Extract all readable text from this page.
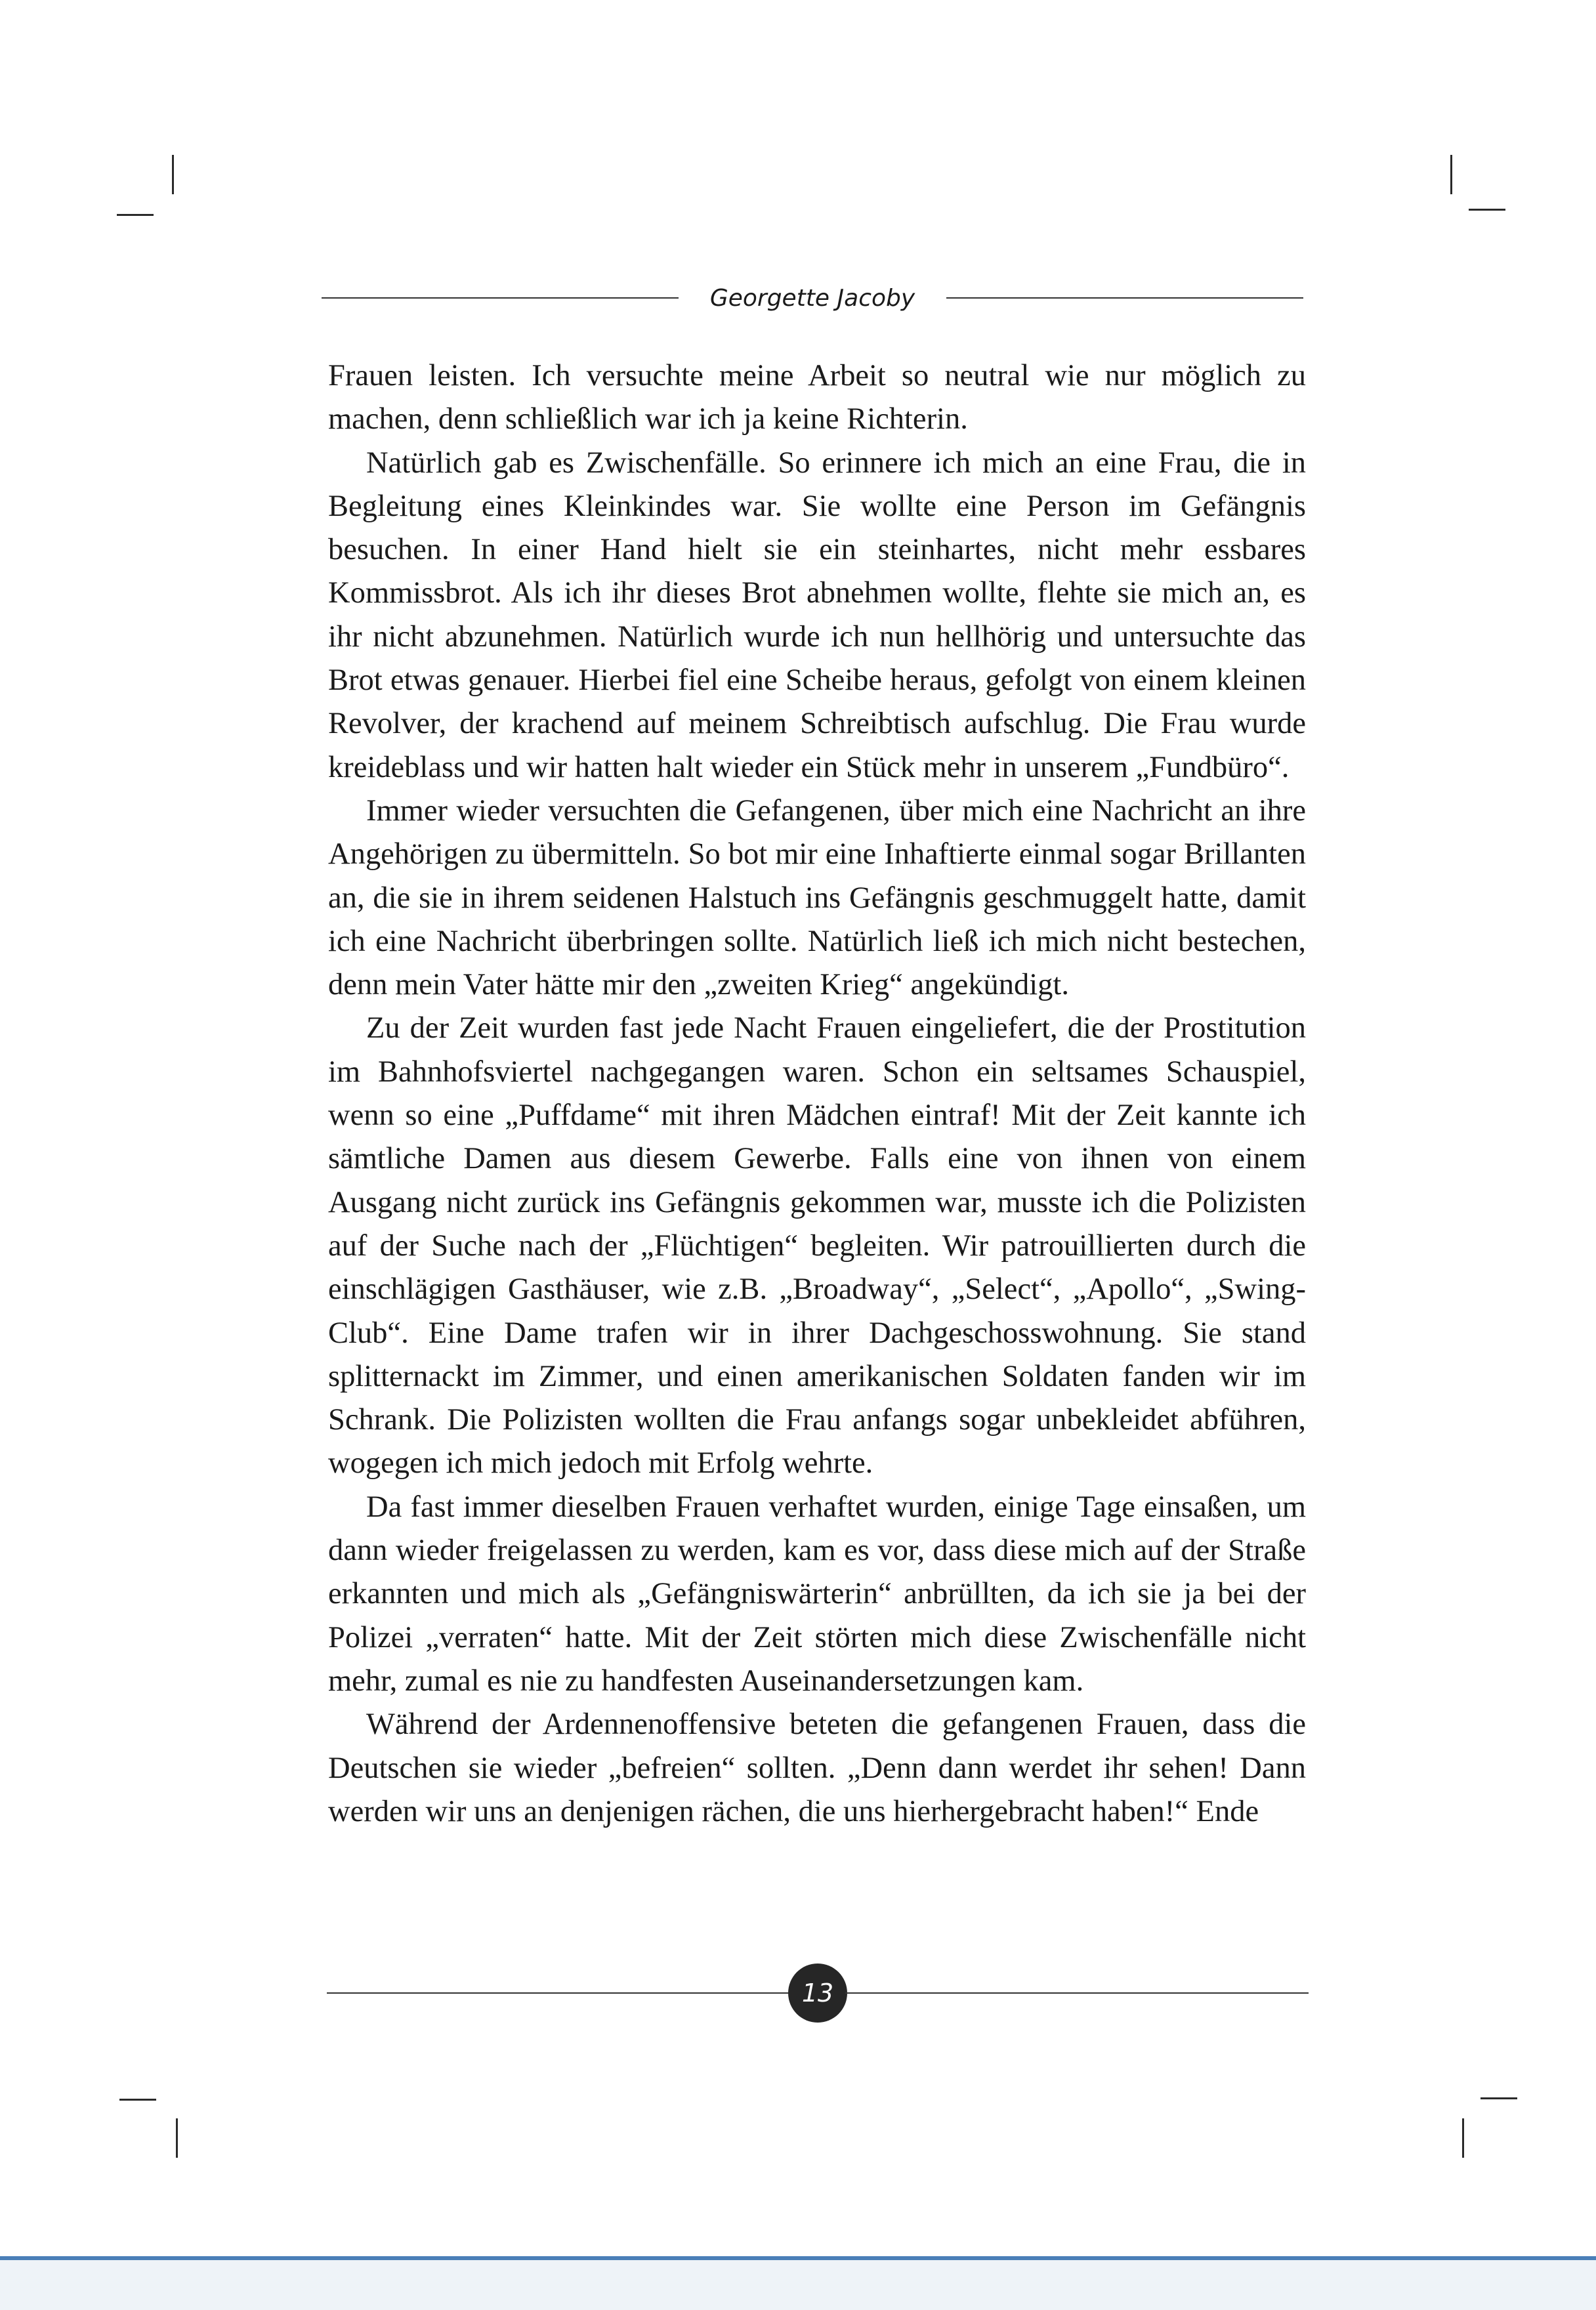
Georgette Jacoby

Frauen leisten. Ich versuchte meine Arbeit so neutral wie nur möglich zu machen, denn schließlich war ich ja keine Richterin.

Natürlich gab es Zwischenfälle. So erinnere ich mich an eine Frau, die in Begleitung eines Kleinkindes war. Sie wollte eine Person im Gefängnis besuchen. In einer Hand hielt sie ein steinhartes, nicht mehr essbares Kommissbrot. Als ich ihr dieses Brot abnehmen wollte, flehte sie mich an, es ihr nicht abzunehmen. Natürlich wurde ich nun hellhörig und untersuchte das Brot etwas genauer. Hierbei fiel eine Scheibe heraus, gefolgt von einem kleinen Revolver, der krachend auf meinem Schreibtisch aufschlug. Die Frau wurde kreideblass und wir hatten halt wieder ein Stück mehr in unserem „Fundbüro“.

Immer wieder versuchten die Gefangenen, über mich eine Nachricht an ihre Angehörigen zu übermitteln. So bot mir eine Inhaftierte einmal sogar Brillanten an, die sie in ihrem seidenen Halstuch ins Gefängnis geschmuggelt hatte, damit ich eine Nachricht überbringen sollte. Natürlich ließ ich mich nicht bestechen, denn mein Vater hätte mir den „zweiten Krieg“ angekündigt.

Zu der Zeit wurden fast jede Nacht Frauen eingeliefert, die der Prostitution im Bahnhofsviertel nachgegangen waren. Schon ein seltsames Schauspiel, wenn so eine „Puffdame“ mit ihren Mädchen eintraf! Mit der Zeit kannte ich sämtliche Damen aus diesem Gewerbe. Falls eine von ihnen von einem Ausgang nicht zurück ins Gefängnis gekommen war, musste ich die Polizisten auf der Suche nach der „Flüchtigen“ begleiten. Wir patrouillierten durch die einschlägigen Gasthäuser, wie z.B. „Broadway“, „Select“, „Apollo“, „Swing-Club“. Eine Dame trafen wir in ihrer Dachgeschosswohnung. Sie stand splitternackt im Zimmer, und einen amerikanischen Soldaten fanden wir im Schrank. Die Polizisten wollten die Frau anfangs sogar unbekleidet abführen, wogegen ich mich jedoch mit Erfolg wehrte.

Da fast immer dieselben Frauen verhaftet wurden, einige Tage einsaßen, um dann wieder freigelassen zu werden, kam es vor, dass diese mich auf der Straße erkannten und mich als „Gefängniswärterin“ anbrüllten, da ich sie ja bei der Polizei „verraten“ hatte. Mit der Zeit störten mich diese Zwischenfälle nicht mehr, zumal es nie zu handfesten Auseinandersetzungen kam.

Während der Ardennenoffensive beteten die gefangenen Frauen, dass die Deutschen sie wieder „befreien“ sollten. „Denn dann werdet ihr sehen! Dann werden wir uns an denjenigen rächen, die uns hierhergebracht haben!“ Ende

13
